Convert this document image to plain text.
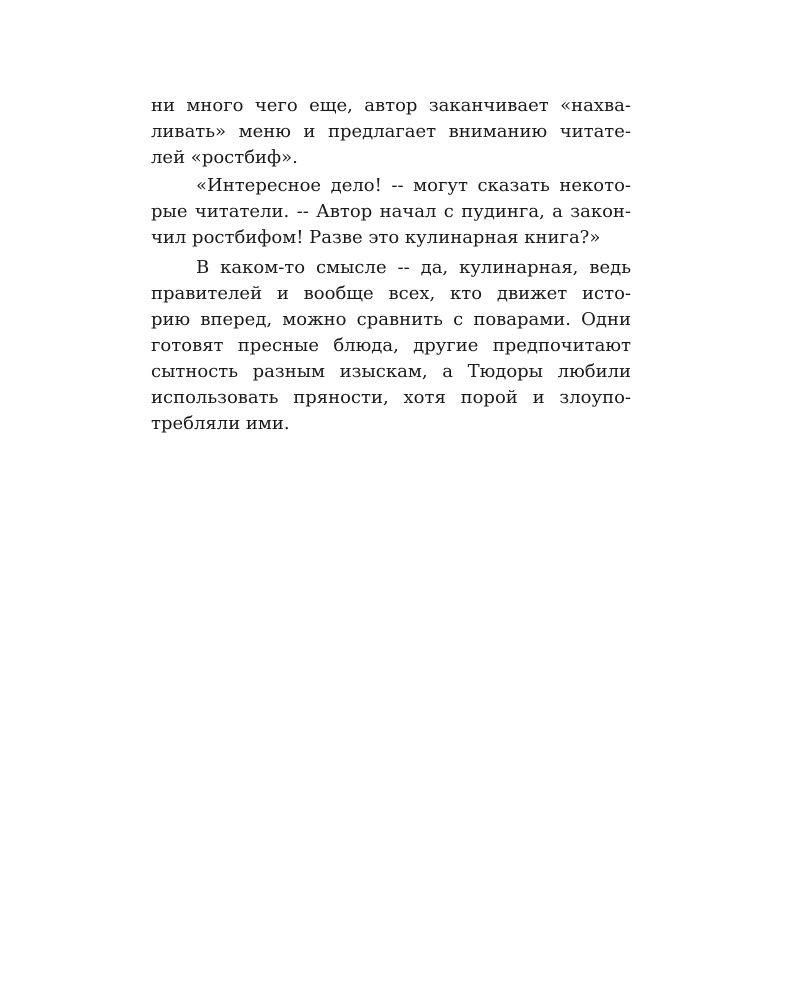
ни много чего еще, автор заканчивает «нахва-
ливать» меню и предлагает вниманию читате-
лей «ростбиф».
«Интересное дело! -- могут сказать некото-
рые читатели. -- Автор начал с пудинга, а закон-
чил ростбифом! Разве это кулинарная книга?»
В каком-то смысле -- да, кулинарная, ведь
правителей и вообще всех, кто движет исто-
рию вперед, можно сравнить с поварами. Одни
готовят пресные блюда, другие предпочитают
сытность разным изыскам, а Тюдоры любили
использовать пряности, хотя порой и злоупо-
требляли ими.
